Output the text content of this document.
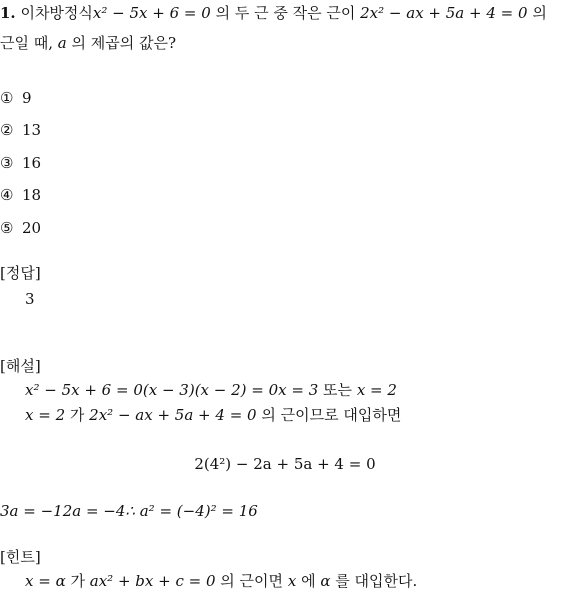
1. 이차방정식x² − 5x + 6 = 0 의 두 근 중 작은 근이 2x² − ax + 5a + 4 = 0 의
근일 때, a 의 제곱의 값은?
① 9
② 13
③ 16
④ 18
⑤ 20
[정답]
3
[해설]
x² − 5x + 6 = 0(x − 3)(x − 2) = 0x = 3 또는 x = 2
x = 2 가 2x² − ax + 5a + 4 = 0 의 근이므로 대입하면
2(4²) − 2a + 5a + 4 = 0
3a = −12a = −4∴ a² = (−4)² = 16
[힌트]
x = α 가 ax² + bx + c = 0 의 근이면 x 에 α 를 대입한다.
